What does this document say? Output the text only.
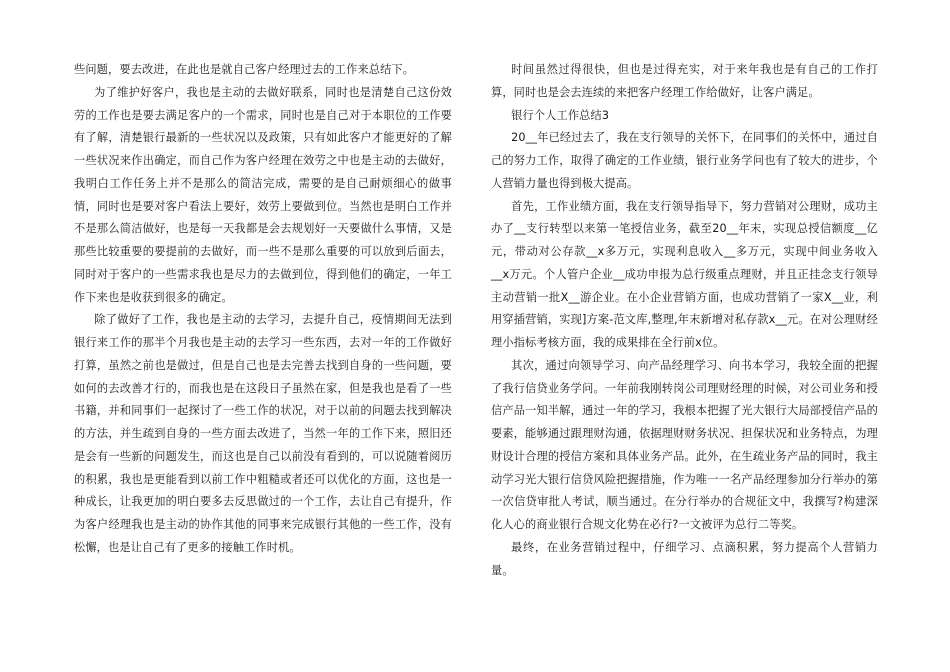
些问题，要去改进，在此也是就自己客户经理过去的工作来总结下。

为了维护好客户，我也是主动的去做好联系，同时也是清楚自己这份效劳的工作也是要去满足客户的一个需求，同时也是自己对于本职位的工作要有了解，清楚银行最新的一些状况以及政策，只有如此客户才能更好的了解一些状况来作出确定，而自己作为客户经理在效劳之中也是主动的去做好，我明白工作任务上并不是那么的简洁完成，需要的是自己耐烦细心的做事情，同时也是要对客户看法上要好，效劳上要做到位。当然也是明白工作并不是那么简洁做好，也是每一天我都是会去规划好一天要做什么事情，又是那些比较重要的要提前的去做好，而一些不是那么重要的可以放到后面去，同时对于客户的一些需求我也是尽力的去做到位，得到他们的确定，一年工作下来也是收获到很多的确定。

除了做好了工作，我也是主动的去学习，去提升自己，疫情期间无法到银行来工作的那半个月我也是主动的去学习一些东西，去对一年的工作做好打算，虽然之前也是做过，但是自己也是去完善去找到自身的一些问题，要如何的去改善才行的，而我也是在这段日子虽然在家，但是我也是看了一些书籍，并和同事们一起探讨了一些工作的状况，对于以前的问题去找到解决的方法，并生疏到自身的一些方面去改进了，当然一年的工作下来，照旧还是会有一些新的问题发生，而这也是自己以前没有看到的，可以说随着阅历的积累，我也是更能看到以前工作中粗糙或者还可以优化的方面，这也是一种成长，让我更加的明白要多去反思做过的一个工作，去让自己有提升，作为客户经理我也是主动的协作其他的同事来完成银行其他的一些工作，没有松懈，也是让自己有了更多的接触工作时机。

时间虽然过得很快，但也是过得充实，对于来年我也是有自己的工作打算，同时也是会去连续的来把客户经理工作给做好，让客户满足。

银行个人工作总结3

20__年已经过去了，我在支行领导的关怀下，在同事们的关怀中，通过自己的努力工作，取得了确定的工作业绩，银行业务学问也有了较大的进步，个人营销力量也得到极大提高。

首先，工作业绩方面，我在支行领导指导下，努力营销对公理财，成功主办了__支行转型以来第一笔授信业务，截至20__年末，实现总授信额度__亿元，带动对公存款__x多万元，实现利息收入__多万元，实现中间业务收入__x万元。个人管户企业__成功申报为总行级重点理财，并且正挂念支行领导主动营销一批X__游企业。在小企业营销方面，也成功营销了一家X__业，利用穿插营销，实现]方案-范文库,整理,年末新增对私存款x__元。在对公理财经理小指标考核方面，我的成果排在全行前x位。

其次，通过向领导学习、向产品经理学习、向书本学习，我较全面的把握了我行信贷业务学问。一年前我刚转岗公司理财经理的时候，对公司业务和授信产品一知半解，通过一年的学习，我根本把握了光大银行大局部授信产品的要素，能够通过跟理财沟通，依据理财财务状况、担保状况和业务特点，为理财设计合理的授信方案和具体业务产品。此外，在生疏业务产品的同时，我主动学习光大银行信贷风险把握措施，作为唯一一名产品经理参加分行举办的第一次信贷审批人考试，顺当通过。在分行举办的合规征文中，我撰写?构建深化人心的商业银行合规文化势在必行?一文被评为总行二等奖。

最终，在业务营销过程中，仔细学习、点滴积累，努力提高个人营销力量。
